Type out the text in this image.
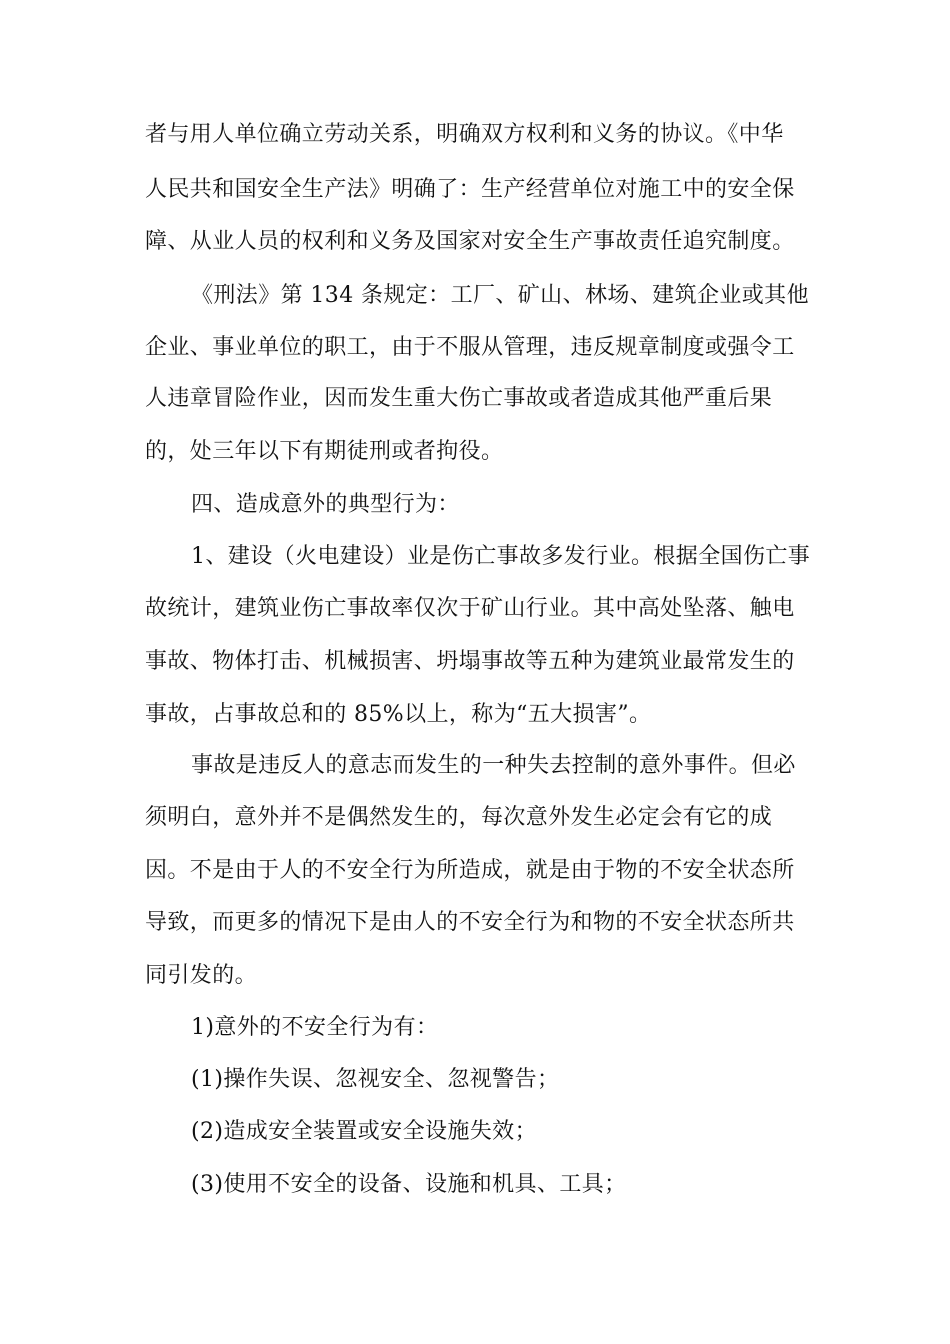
者与用人单位确立劳动关系，明确双方权利和义务的协议。《中华
人民共和国安全生产法》明确了：生产经营单位对施工中的安全保
障、从业人员的权利和义务及国家对安全生产事故责任追究制度。
《刑法》第 134 条规定：工厂、矿山、林场、建筑企业或其他
企业、事业单位的职工，由于不服从管理，违反规章制度或强令工
人违章冒险作业，因而发生重大伤亡事故或者造成其他严重后果
的，处三年以下有期徒刑或者拘役。
四、造成意外的典型行为：
1、建设（火电建设）业是伤亡事故多发行业。根据全国伤亡事
故统计，建筑业伤亡事故率仅次于矿山行业。其中高处坠落、触电
事故、物体打击、机械损害、坍塌事故等五种为建筑业最常发生的
事故，占事故总和的 85%以上，称为“五大损害”。
事故是违反人的意志而发生的一种失去控制的意外事件。但必
须明白，意外并不是偶然发生的，每次意外发生必定会有它的成
因。不是由于人的不安全行为所造成，就是由于物的不安全状态所
导致，而更多的情况下是由人的不安全行为和物的不安全状态所共
同引发的。
1)意外的不安全行为有：
(1)操作失误、忽视安全、忽视警告；
(2)造成安全装置或安全设施失效；
(3)使用不安全的设备、设施和机具、工具；
